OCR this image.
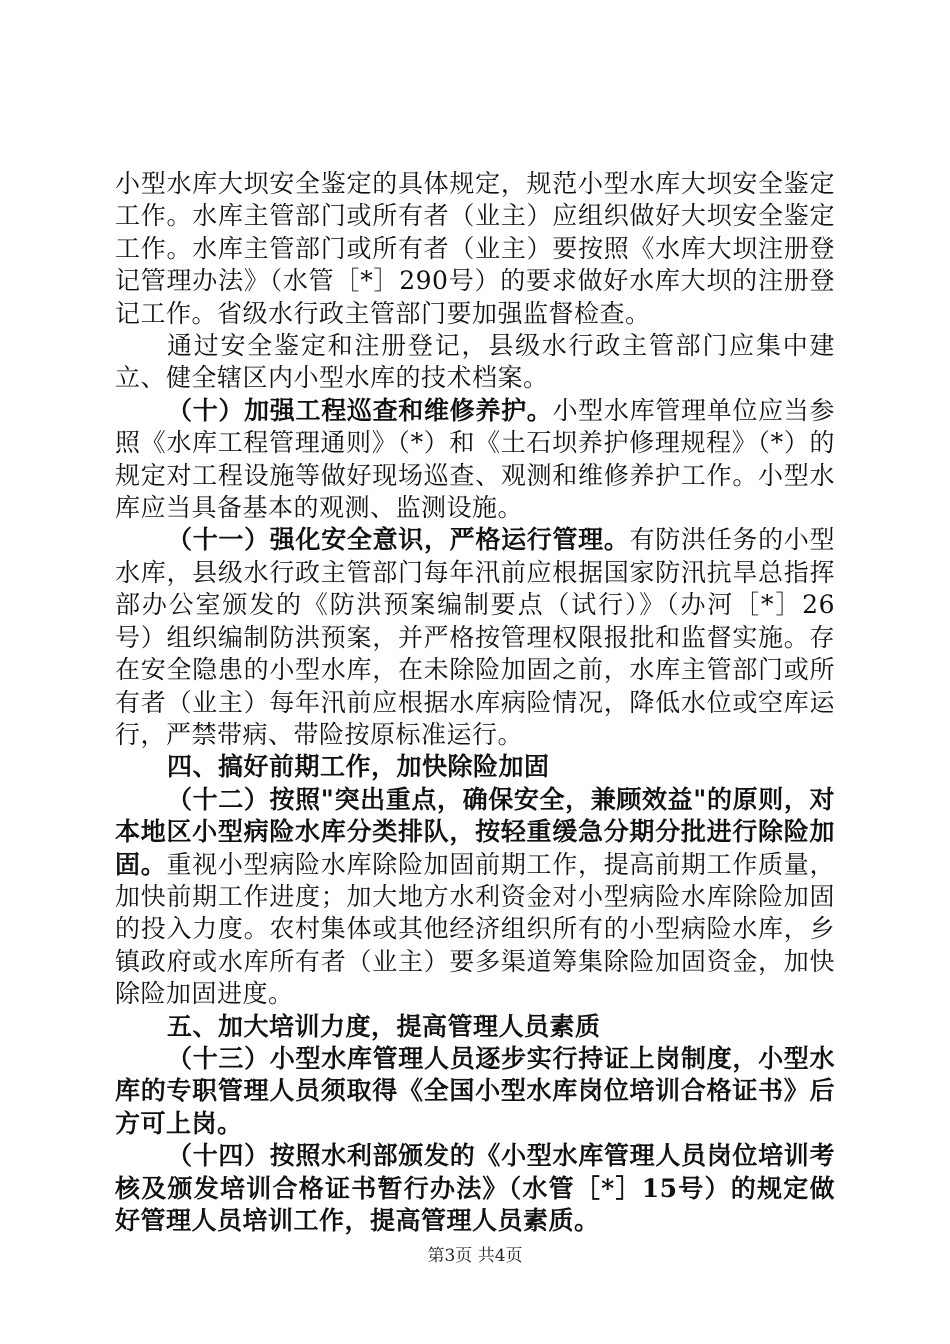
小型水库大坝安全鉴定的具体规定，规范小型水库大坝安全鉴定工作。水库主管部门或所有者（业主）应组织做好大坝安全鉴定工作。水库主管部门或所有者（业主）要按照《水库大坝注册登记管理办法》（水管［*］290号）的要求做好水库大坝的注册登记工作。省级水行政主管部门要加强监督检查。

通过安全鉴定和注册登记，县级水行政主管部门应集中建立、健全辖区内小型水库的技术档案。

（十）加强工程巡查和维修养护。小型水库管理单位应当参照《水库工程管理通则》（*）和《土石坝养护修理规程》（*）的规定对工程设施等做好现场巡查、观测和维修养护工作。小型水库应当具备基本的观测、监测设施。

（十一）强化安全意识，严格运行管理。有防洪任务的小型水库，县级水行政主管部门每年汛前应根据国家防汛抗旱总指挥部办公室颁发的《防洪预案编制要点（试行）》（办河［*］26号）组织编制防洪预案，并严格按管理权限报批和监督实施。存在安全隐患的小型水库，在未除险加固之前，水库主管部门或所有者（业主）每年汛前应根据水库病险情况，降低水位或空库运行，严禁带病、带险按原标准运行。

四、搞好前期工作，加快除险加固

（十二）按照"突出重点，确保安全，兼顾效益"的原则，对本地区小型病险水库分类排队，按轻重缓急分期分批进行除险加固。重视小型病险水库除险加固前期工作，提高前期工作质量，加快前期工作进度；加大地方水利资金对小型病险水库除险加固的投入力度。农村集体或其他经济组织所有的小型病险水库，乡镇政府或水库所有者（业主）要多渠道筹集除险加固资金，加快除险加固进度。

五、加大培训力度，提高管理人员素质

（十三）小型水库管理人员逐步实行持证上岗制度，小型水库的专职管理人员须取得《全国小型水库岗位培训合格证书》后方可上岗。

（十四）按照水利部颁发的《小型水库管理人员岗位培训考核及颁发培训合格证书暂行办法》（水管［*］15号）的规定做好管理人员培训工作，提高管理人员素质。

第3页 共4页
